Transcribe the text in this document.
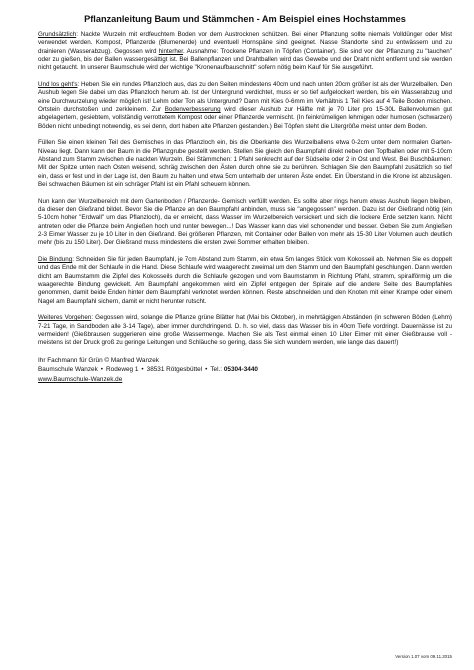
Pflanzanleitung Baum und Stämmchen - Am Beispiel eines Hochstammes

Grundsätzlich: Nackte Wurzeln mit erdfeuchtem Boden vor dem Austrocknen schützen. Bei einer Pflanzung sollte niemals Volldünger oder Mist verwendet werden. Kompost, Pflanzerde (Blumenerde) und eventuell Hornspäne sind geeignet. Nasse Standorte sind zu entwässern und zu drainieren (Wasserabzug). Gegossen wird hinterher. Ausnahme: Trockene Pflanzen in Töpfen (Container). Sie sind vor der Pflanzung zu "tauchen" oder zu gießen, bis der Ballen wassergesättigt ist. Bei Ballenpflanzen und Drahtballen wird das Gewebe und der Draht nicht entfernt und sie werden nicht getaucht. In unserer Baumschule wird der wichtige "Kronenaufbauschnitt" sofern nötig beim Kauf für Sie ausgeführt.

Und los geht's: Heben Sie ein rundes Pflanzloch aus, das zu den Seiten mindestens 40cm und nach unten 20cm größer ist als der Wurzelballen. Den Aushub legen Sie dabei um das Pflanzloch herum ab. Ist der Untergrund verdichtet, muss er so tief aufgelockert werden, bis ein Wasserabzug und eine Durchwurzelung wieder möglich ist! Lehm oder Ton als Untergrund? Dann mit Kies 0-6mm im Verhältnis 1 Teil Kies auf 4 Teile Boden mischen. Ortstein durchstoßen und zerkleinern. Zur Bodenverbesserung wird dieser Aushub zur Hälfte mit je 70 Liter pro 15-30L Ballenvolumen gut abgelagertem, gesiebtem, vollständig verrottetem Kompost oder einer Pflanzerde vermischt. (In feinkrümeligen lehmigen oder humosen (schwarzen) Böden nicht unbedingt notwendig, es sei denn, dort haben alte Pflanzen gestanden.) Bei Töpfen steht die Litergröße meist unter dem Boden.

Füllen Sie einen kleinen Teil des Gemisches in das Pflanzloch ein, bis die Oberkante des Wurzelballens etwa 0-2cm unter dem normalen Garten-Niveau liegt. Dann kann der Baum in die Pflanzgrube gestellt werden. Stellen Sie gleich den Baumpfahl direkt neben den Topfballen oder mit 5-10cm Abstand zum Stamm zwischen die nackten Wurzeln. Bei Stämmchen: 1 Pfahl senkrecht auf der Südseite oder 2 in Ost und West. Bei Buschbäumen: Mit der Spitze unten nach Osten weisend, schräg zwischen den Ästen durch ohne sie zu berühren. Schlagen Sie den Baumpfahl zusätzlich so tief ein, dass er fest und in der Lage ist, den Baum zu halten und etwa 5cm unterhalb der unteren Äste endet. Ein Überstand in die Krone ist abzusägen. Bei schwachen Bäumen ist ein schräger Pfahl ist ein Pfahl scheuern können.

Nun kann der Wurzelbereich mit dem Gartenboden / Pflanzerde- Gemisch verfüllt werden. Es sollte aber rings herum etwas Aushub liegen bleiben, da dieser den Gießrand bildet. Bevor Sie die Pflanze an den Baumpfahl anbinden, muss sie "angegossen" werden. Dazu ist der Gießrand nötig (ein 5-10cm hoher "Erdwall" um das Pflanzloch), da er erreicht, dass Wasser im Wurzelbereich versickert und sich die lockere Erde setzten kann. Nicht antreten oder die Pflanze beim Angießen hoch und runter bewegen...! Das Wasser kann das viel schonender und besser. Geben Sie zum Angießen 2-3 Eimer Wasser zu je 10 Liter in den Gießrand. Bei größeren Pflanzen, mit Container oder Ballen von mehr als 15-30 Liter Volumen auch deutlich mehr (bis zu 150 Liter). Der Gießrand muss mindestens die ersten zwei Sommer erhalten bleiben.

Die Bindung: Schneiden Sie für jeden Baumpfahl, je 7cm Abstand zum Stamm, ein etwa 5m langes Stück vom Kokosseil ab. Nehmen Sie es doppelt und das Ende mit der Schlaufe in die Hand. Diese Schlaufe wird waagerecht zweimal um den Stamm und den Baumpfahl geschlungen. Dann werden dicht am Baumstamm die Zipfel des Kokosseils durch die Schlaufe gezogen und vom Baumstamm in Richtung Pfahl, stramm, spiralförmig um die waagerechte Bindung gewickelt. Am Baumpfahl angekommen wird ein Zipfel entgegen der Spirale auf die andere Seite des Baumpfahles genommen, damit beide Enden hinter dem Baumpfahl verknotet werden können. Reste abschneiden und den Knoten mit einer Krampe oder einem Nagel am Baumpfahl sichern, damit er nicht herunter rutscht.

Weiteres Vorgehen: Gegossen wird, solange die Pflanze grüne Blätter hat (Mai bis Oktober), in mehrtägigen Abständen (in schweren Böden (Lehm) 7-21 Tage, in Sandboden alle 3-14 Tage), aber immer durchdringend. D. h. so viel, dass das Wasser bis in 40cm Tiefe vordringt. Dauernässe ist zu vermeiden! (Gießbrausen suggerieren eine große Wassermenge. Machen Sie als Test einmal einen 10 Liter Eimer mit einer Gießbrause voll - meistens ist der Druck groß zu geringe Leitungen und Schläuche so gering, dass Sie sich wundern werden, wie lange das dauert!)

Ihr Fachmann für Grün © Manfred Wanzek
Baumschule Wanzek • Rodeweg 1 • 38531 Rötgesbüttel • Tel.: 05304-3440
www.Baumschule-Wanzek.de
Version 1.07 vom 09.11.2015
